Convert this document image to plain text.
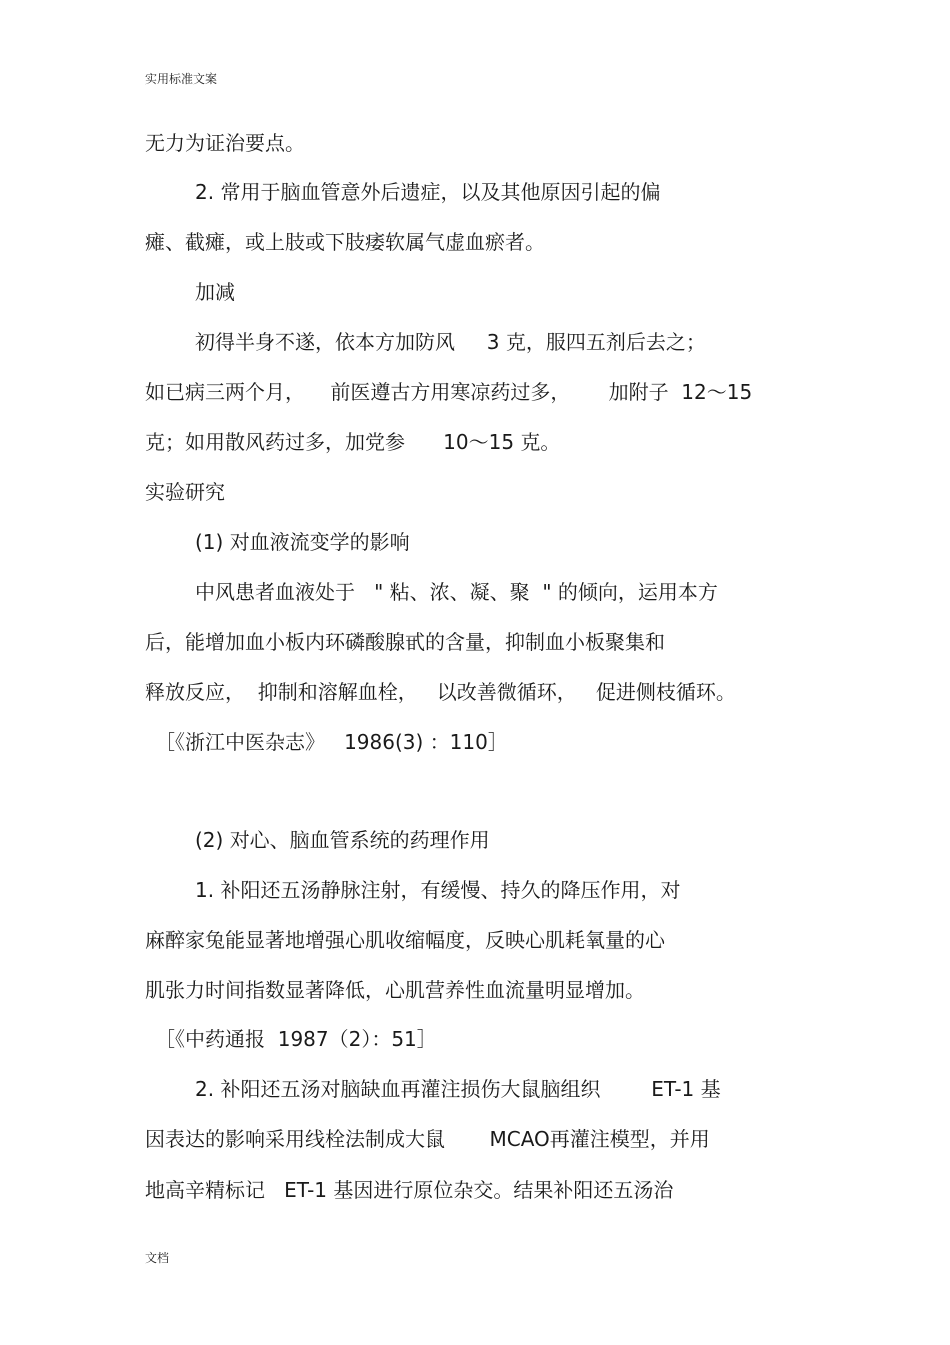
实用标准文案
无力为证治要点。
2. 常用于脑血管意外后遗症，以及其他原因引起的偏
瘫、截瘫，或上肢或下肢痿软属气虚血瘀者。
加减
初得半身不遂，依本方加防风     3 克，服四五剂后去之；
如已病三两个月，    前医遵古方用寒凉药过多，      加附子  12～15
克；如用散风药过多，加党参      10～15 克。
实验研究
(1) 对血液流变学的影响
中风患者血液处于   " 粘、浓、凝、聚  " 的倾向，运用本方
后，能增加血小板内环磷酸腺甙的含量，抑制血小板聚集和
释放反应，  抑制和溶解血栓，   以改善微循环，   促进侧枝循环。
［《浙江中医杂志》   1986(3) ：110］
(2) 对心、脑血管系统的药理作用
1. 补阳还五汤静脉注射，有缓慢、持久的降压作用，对
麻醉家兔能显著地增强心肌收缩幅度，反映心肌耗氧量的心
肌张力时间指数显著降低，心肌营养性血流量明显增加。
［《中药通报  1987（2）：51］
2. 补阳还五汤对脑缺血再灌注损伤大鼠脑组织        ET-1 基
因表达的影响采用线栓法制成大鼠       MCAO再灌注模型，并用
地高辛精标记   ET-1 基因进行原位杂交。结果补阳还五汤治
文档
